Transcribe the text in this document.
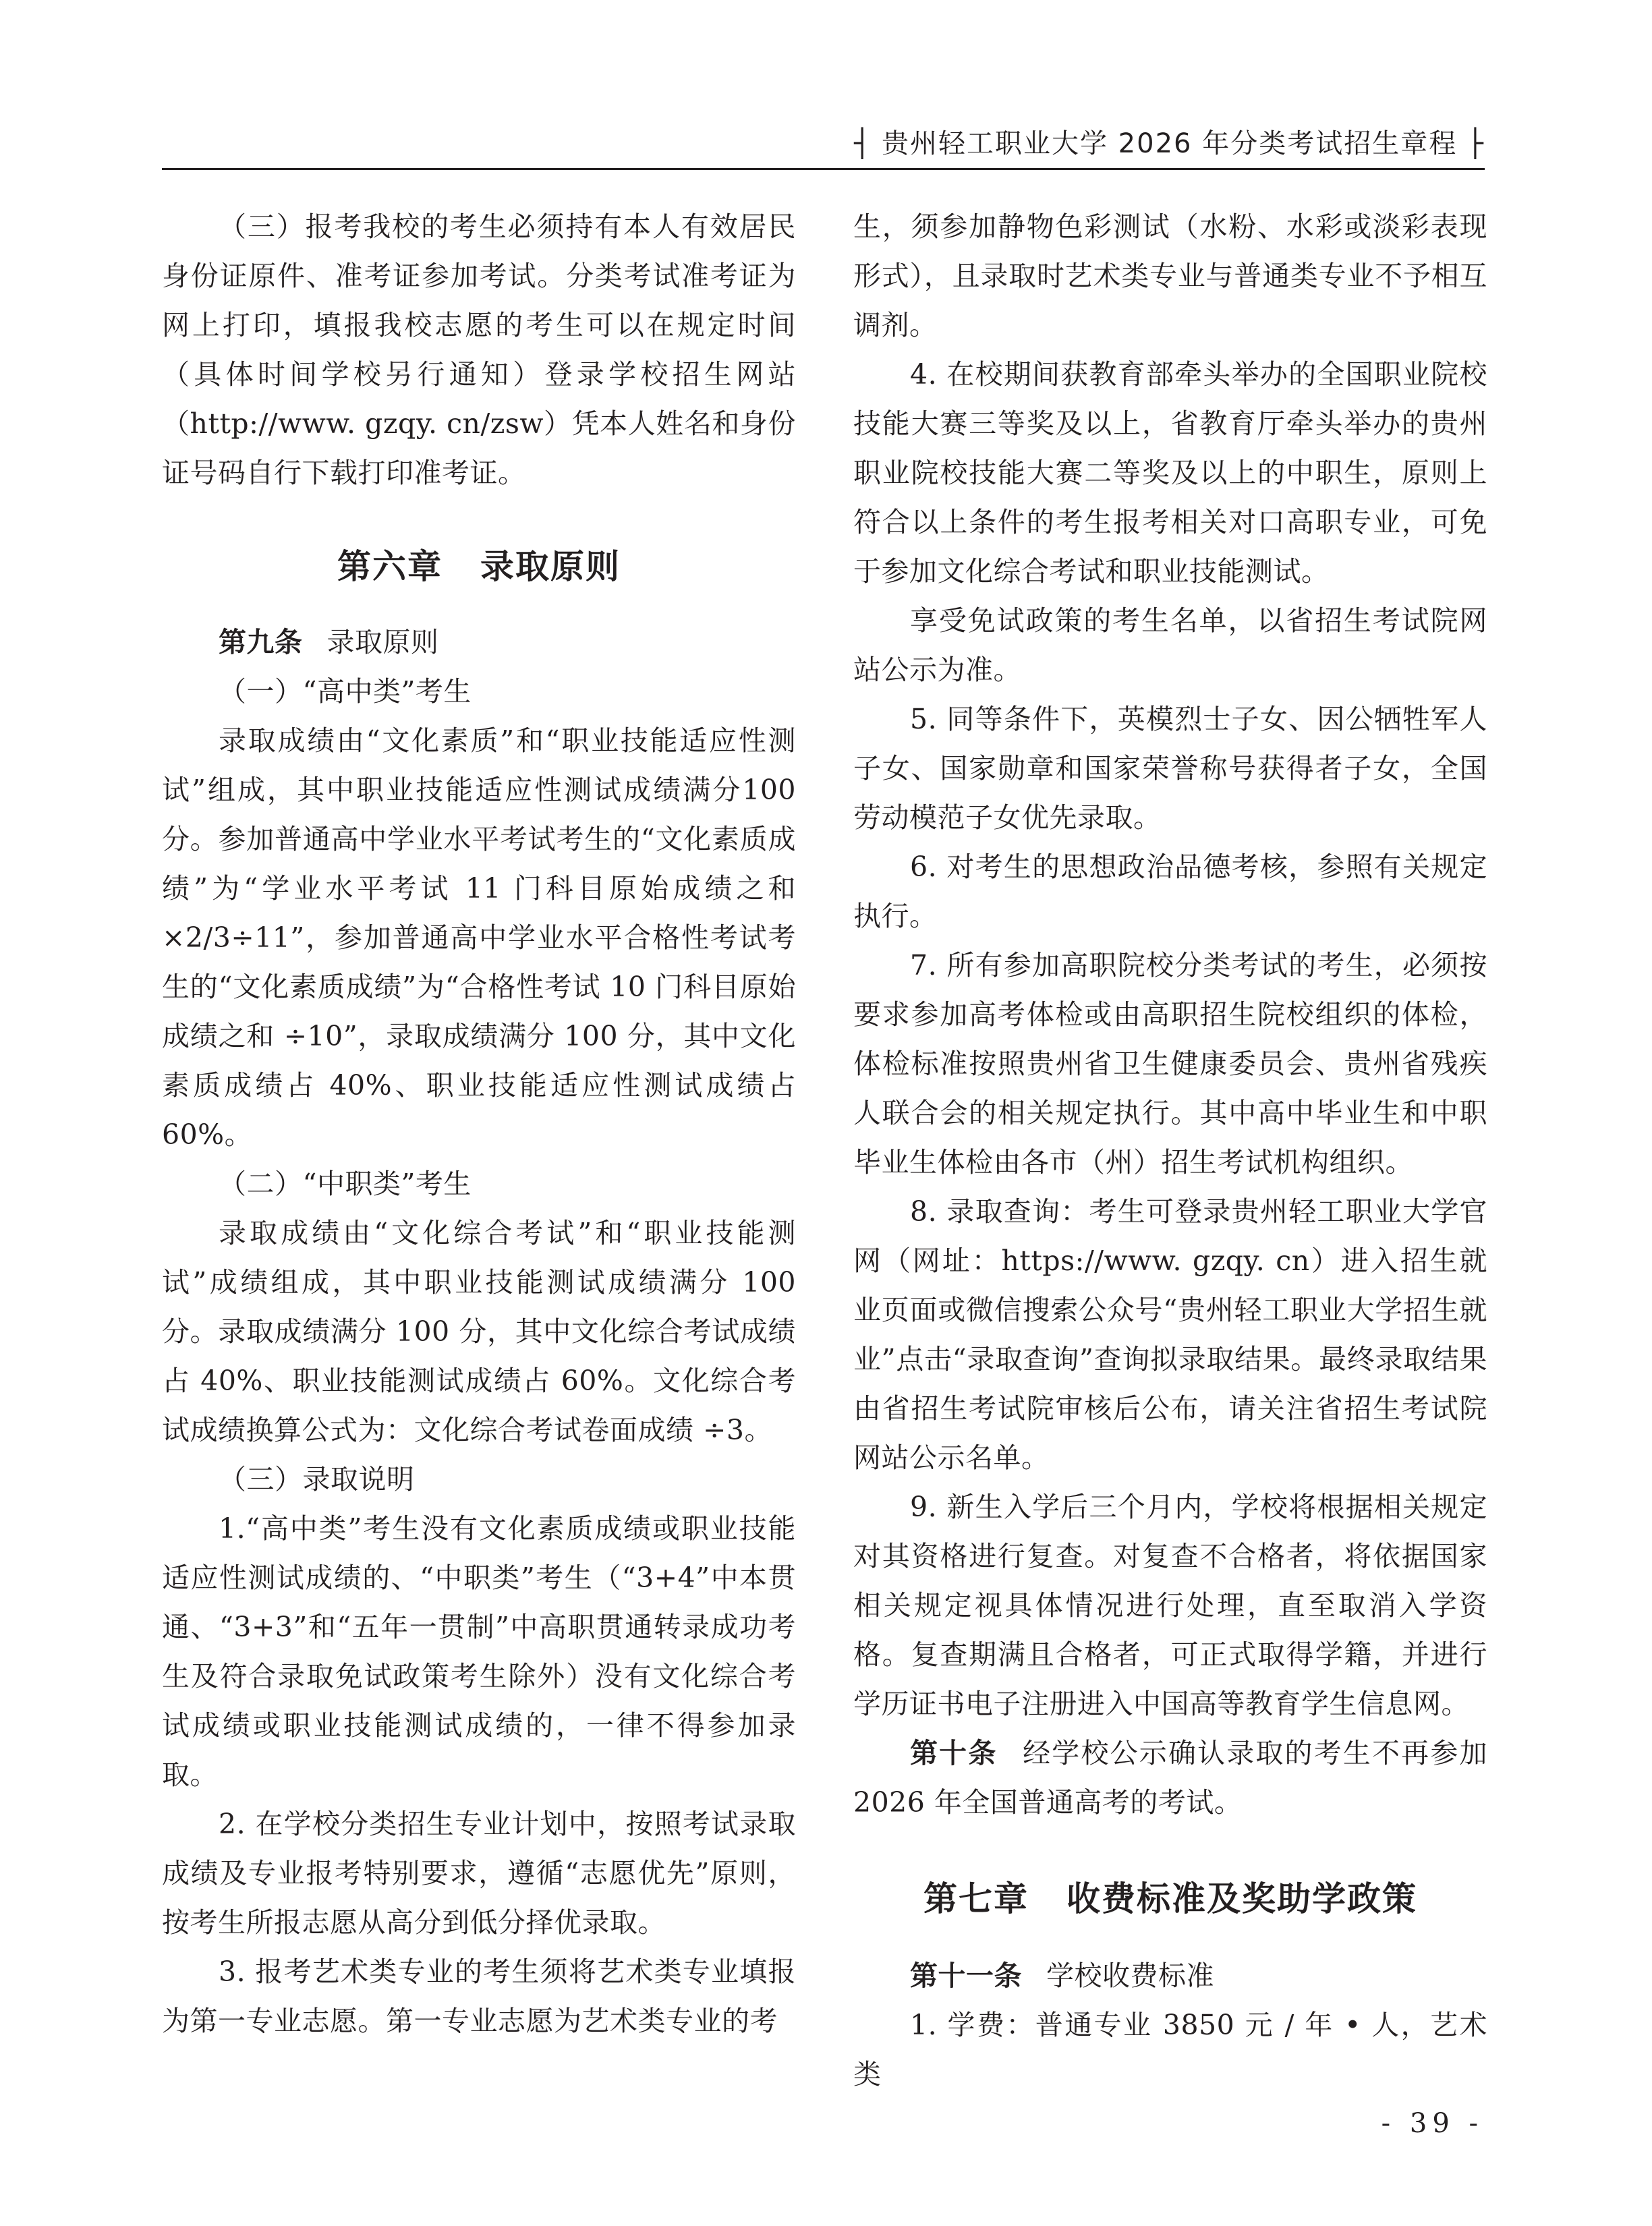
┤ 贵州轻工职业大学 2026 年分类考试招生章程 ├

（三）报考我校的考生必须持有本人有效居民身份证原件、准考证参加考试。分类考试准考证为网上打印，填报我校志愿的考生可以在规定时间（具体时间学校另行通知）登录学校招生网站（http://www. gzqy. cn/zsw）凭本人姓名和身份证号码自行下载打印准考证。

第六章 录取原则

第九条 录取原则

（一）“高中类”考生

录取成绩由“文化素质”和“职业技能适应性测试”组成，其中职业技能适应性测试成绩满分100 分。参加普通高中学业水平考试考生的“文化素质成绩”为“学业水平考试 11 门科目原始成绩之和 ×2/3÷11”，参加普通高中学业水平合格性考试考生的“文化素质成绩”为“合格性考试 10 门科目原始成绩之和 ÷10”，录取成绩满分 100 分，其中文化素质成绩占 40%、职业技能适应性测试成绩占 60%。

（二）“中职类”考生

录取成绩由“文化综合考试”和“职业技能测试”成绩组成，其中职业技能测试成绩满分 100 分。录取成绩满分 100 分，其中文化综合考试成绩占 40%、职业技能测试成绩占 60%。文化综合考试成绩换算公式为：文化综合考试卷面成绩 ÷3。

（三）录取说明

1.“高中类”考生没有文化素质成绩或职业技能适应性测试成绩的、“中职类”考生（“3+4”中本贯通、“3+3”和“五年一贯制”中高职贯通转录成功考生及符合录取免试政策考生除外）没有文化综合考试成绩或职业技能测试成绩的，一律不得参加录取。

2. 在学校分类招生专业计划中，按照考试录取成绩及专业报考特别要求，遵循“志愿优先”原则，按考生所报志愿从高分到低分择优录取。

3. 报考艺术类专业的考生须将艺术类专业填报为第一专业志愿。第一专业志愿为艺术类专业的考

生，须参加静物色彩测试（水粉、水彩或淡彩表现形式），且录取时艺术类专业与普通类专业不予相互调剂。

4. 在校期间获教育部牵头举办的全国职业院校技能大赛三等奖及以上，省教育厅牵头举办的贵州职业院校技能大赛二等奖及以上的中职生，原则上符合以上条件的考生报考相关对口高职专业，可免于参加文化综合考试和职业技能测试。

享受免试政策的考生名单，以省招生考试院网站公示为准。

5. 同等条件下，英模烈士子女、因公牺牲军人子女、国家勋章和国家荣誉称号获得者子女，全国劳动模范子女优先录取。

6. 对考生的思想政治品德考核，参照有关规定执行。

7. 所有参加高职院校分类考试的考生，必须按要求参加高考体检或由高职招生院校组织的体检，体检标准按照贵州省卫生健康委员会、贵州省残疾人联合会的相关规定执行。其中高中毕业生和中职毕业生体检由各市（州）招生考试机构组织。

8. 录取查询：考生可登录贵州轻工职业大学官网（网址：https://www. gzqy. cn）进入招生就业页面或微信搜索公众号“贵州轻工职业大学招生就业”点击“录取查询”查询拟录取结果。最终录取结果由省招生考试院审核后公布，请关注省招生考试院网站公示名单。

9. 新生入学后三个月内，学校将根据相关规定对其资格进行复查。对复查不合格者，将依据国家相关规定视具体情况进行处理，直至取消入学资格。复查期满且合格者，可正式取得学籍，并进行学历证书电子注册进入中国高等教育学生信息网。

第十条 经学校公示确认录取的考生不再参加2026 年全国普通高考的考试。

第七章 收费标准及奖助学政策

第十一条 学校收费标准

1. 学费：普通专业 3850 元 / 年 • 人，艺术类

- 39 -
